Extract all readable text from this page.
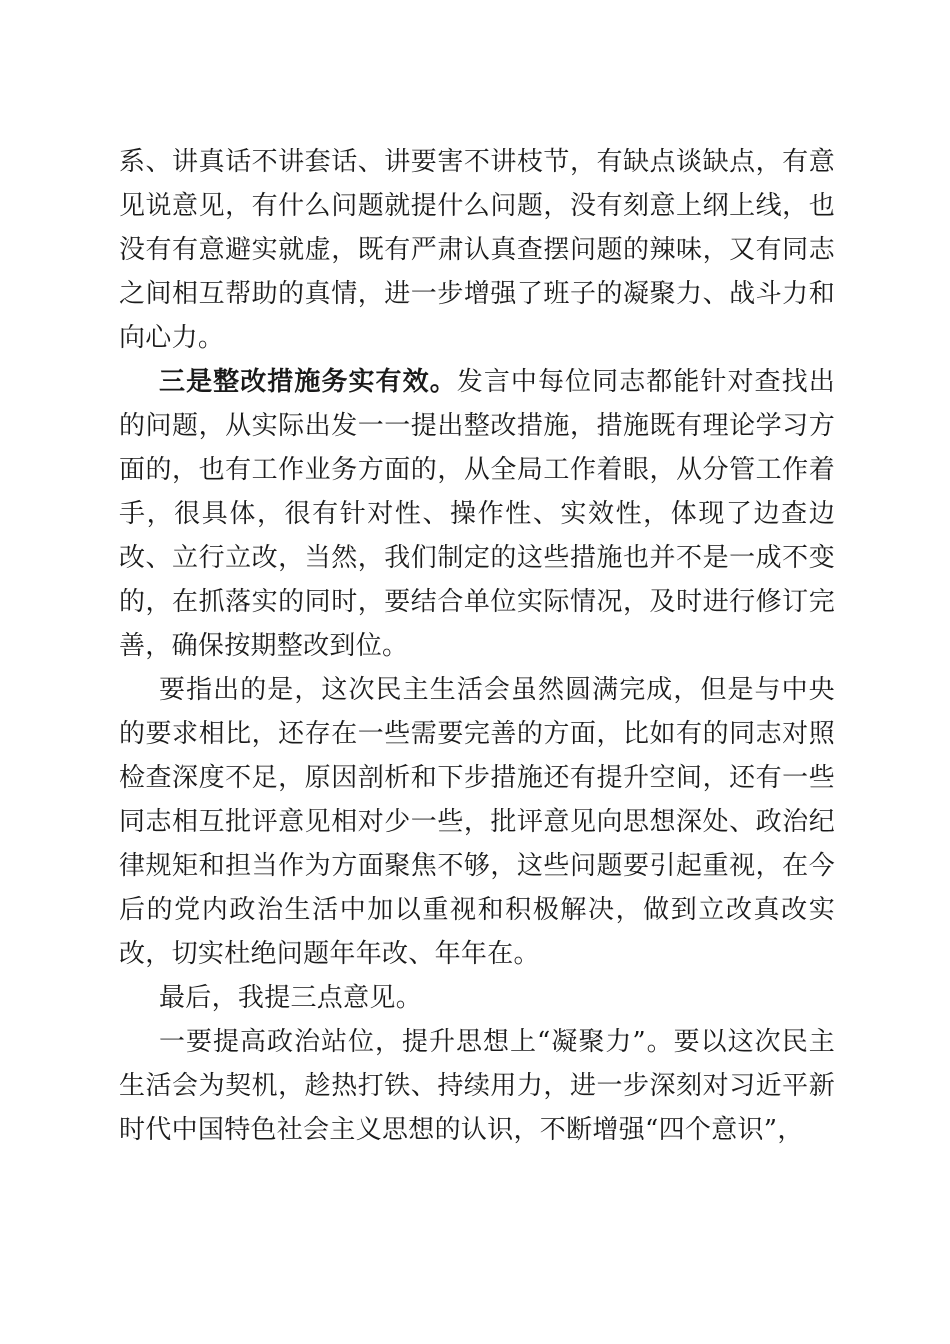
系、讲真话不讲套话、讲要害不讲枝节，有缺点谈缺点，有意见说意见，有什么问题就提什么问题，没有刻意上纲上线，也没有有意避实就虚，既有严肃认真查摆问题的辣味，又有同志之间相互帮助的真情，进一步增强了班子的凝聚力、战斗力和向心力。

三是整改措施务实有效。发言中每位同志都能针对查找出的问题，从实际出发一一提出整改措施，措施既有理论学习方面的，也有工作业务方面的，从全局工作着眼，从分管工作着手，很具体，很有针对性、操作性、实效性，体现了边查边改、立行立改，当然，我们制定的这些措施也并不是一成不变的，在抓落实的同时，要结合单位实际情况，及时进行修订完善，确保按期整改到位。

要指出的是，这次民主生活会虽然圆满完成，但是与中央的要求相比，还存在一些需要完善的方面，比如有的同志对照检查深度不足，原因剖析和下步措施还有提升空间，还有一些同志相互批评意见相对少一些，批评意见向思想深处、政治纪律规矩和担当作为方面聚焦不够，这些问题要引起重视，在今后的党内政治生活中加以重视和积极解决，做到立改真改实改，切实杜绝问题年年改、年年在。

最后，我提三点意见。

一要提高政治站位，提升思想上“凝聚力”。要以这次民主生活会为契机，趁热打铁、持续用力，进一步深刻对习近平新时代中国特色社会主义思想的认识，不断增强“四个意识”，
